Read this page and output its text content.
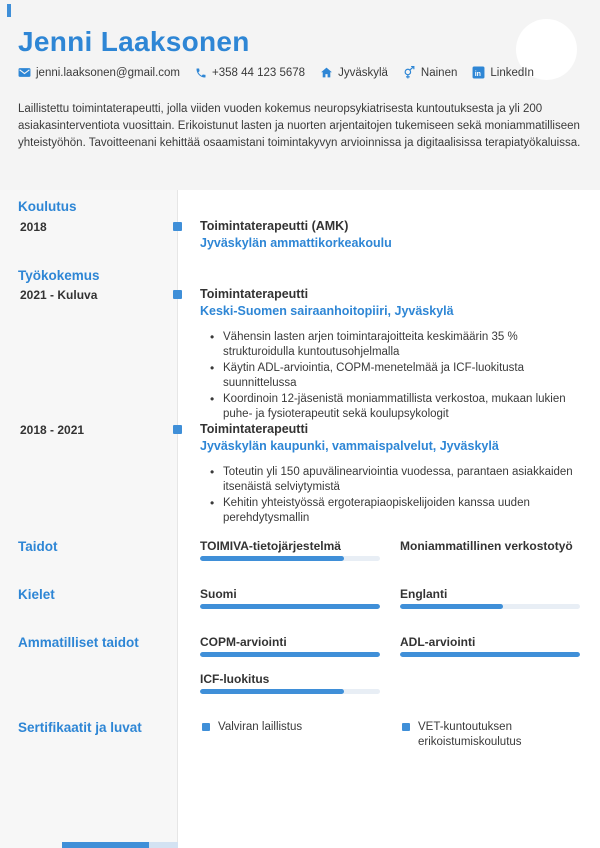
Jenni Laaksonen
jenni.laaksonen@gmail.com	+358 44 123 5678	Jyväskylä	Nainen in LinkedIn
Laillistettu toimintaterapeutti, jolla viiden vuoden kokemus neuropsykiatrisesta kuntoutuksesta ja yli 200 asiakasinterventiota vuosittain. Erikoistunut lasten ja nuorten arjentaitojen tukemiseen sekä moniammatilliseen yhteistyöhön. Tavoitteenani kehittää osaamistani toimintakyvyn arvioinnissa ja digitaalisissa terapiatyökaluissa.
Koulutus
2018	Toimintaterapeutti (AMK)
Jyväskylän ammattikorkeakoulu
Työkokemus
2021 - Kuluva	Toimintaterapeutti
Keski-Suomen sairaanhoitopiiri, Jyväskylä
• Vähensin lasten arjen toimintarajoitteita keskimäärin 35 % strukturoidulla kuntoutusohjelmalla
• Käytin ADL-arviointia, COPM-menetelmää ja ICF-luokitusta suunnittelussa
• Koordinoin 12-jäsenistä moniammatillista verkostoa, mukaan lukien puhe- ja fysioterapeutit sekä koulupsykologit
2018 - 2021	Toimintaterapeutti
Jyväskylän kaupunki, vammaispalvelut, Jyväskylä
• Toteutin yli 150 apuvälinearviointia vuodessa, parantaen asiakkaiden itsenäistä selviytymistä
• Kehitin yhteistyössä ergoterapiaopiskelijoiden kanssa uuden perehdytysmallin
Taidot	TOIMIVA-tietojärjestelmä	Moniammatillinen verkostotyö
Kielet	Suomi	Englanti
Ammatilliset taidot	COPM-arviointi	ADL-arviointi
ICF-luokitus
Sertifikaatit ja luvat	Valviran laillistus	VET-kuntoutuksen erikoistumiskoulutus
